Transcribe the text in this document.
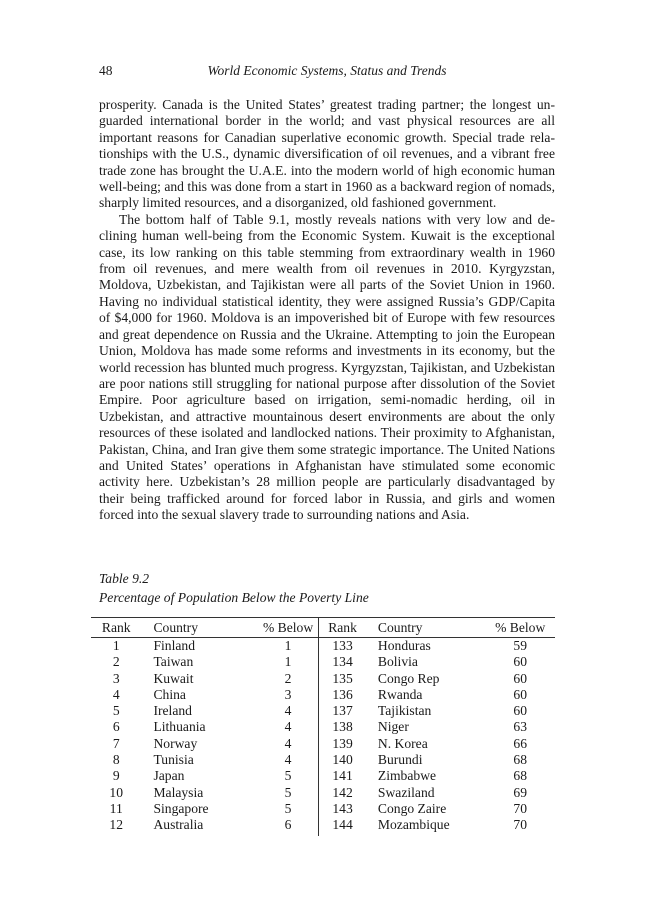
48	World Economic Systems, Status and Trends

prosperity. Canada is the United States’ greatest trading partner; the longest unguarded international border in the world; and vast physical resources are all important reasons for Canadian superlative economic growth. Special trade relationships with the U.S., dynamic diversification of oil revenues, and a vibrant free trade zone has brought the U.A.E. into the modern world of high economic human well-being; and this was done from a start in 1960 as a backward region of nomads, sharply limited resources, and a disorganized, old fashioned government.

The bottom half of Table 9.1, mostly reveals nations with very low and declining human well-being from the Economic System. Kuwait is the exceptional case, its low ranking on this table stemming from extraordinary wealth in 1960 from oil revenues, and mere wealth from oil revenues in 2010. Kyrgyzstan, Moldova, Uzbekistan, and Tajikistan were all parts of the Soviet Union in 1960. Having no individual statistical identity, they were assigned Russia’s GDP/Capita of $4,000 for 1960. Moldova is an impoverished bit of Europe with few resources and great dependence on Russia and the Ukraine. Attempting to join the European Union, Moldova has made some reforms and investments in its economy, but the world recession has blunted much progress. Kyrgyzstan, Tajikistan, and Uzbekistan are poor nations still struggling for national purpose after dissolution of the Soviet Empire. Poor agriculture based on irrigation, semi-nomadic herding, oil in Uzbekistan, and attractive mountainous desert environments are about the only resources of these isolated and landlocked nations. Their proximity to Afghanistan, Pakistan, China, and Iran give them some strategic importance. The United Nations and United States’ operations in Afghanistan have stimulated some economic activity here. Uzbekistan’s 28 million people are particularly disadvantaged by their being trafficked around for forced labor in Russia, and girls and women forced into the sexual slavery trade to surrounding nations and Asia.

Table 9.2
Percentage of Population Below the Poverty Line
Rank	Country	% Below	Rank	Country	% Below
1	Finland	1	133	Honduras	59
2	Taiwan	1	134	Bolivia	60
3	Kuwait	2	135	Congo Rep	60
4	China	3	136	Rwanda	60
5	Ireland	4	137	Tajikistan	60
6	Lithuania	4	138	Niger	63
7	Norway	4	139	N. Korea	66
8	Tunisia	4	140	Burundi	68
9	Japan	5	141	Zimbabwe	68
10	Malaysia	5	142	Swaziland	69
11	Singapore	5	143	Congo Zaire	70
12	Australia	6	144	Mozambique	70
